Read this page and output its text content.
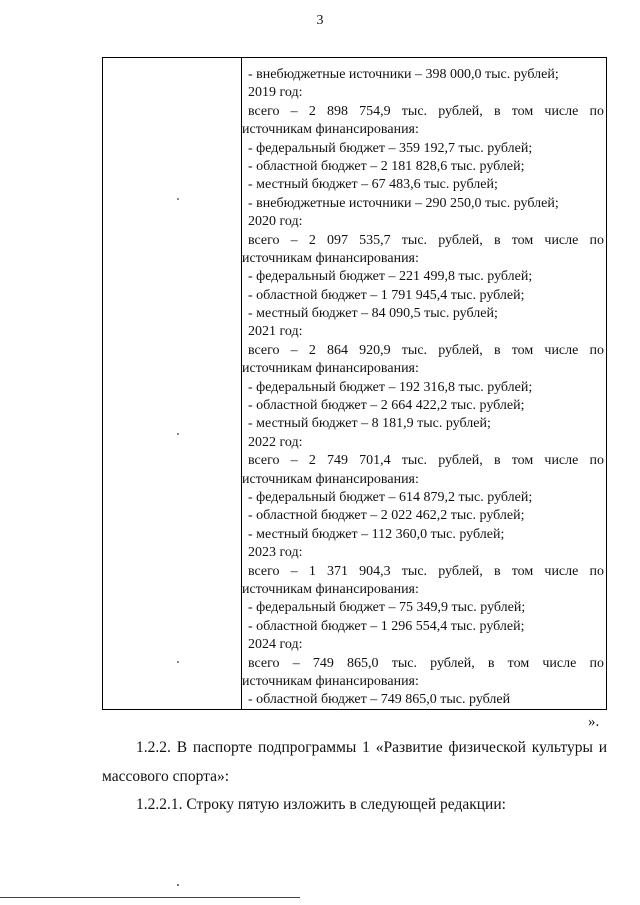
3
- внебюджетные источники – 398 000,0 тыс. рублей;
2019 год:
всего – 2 898 754,9 тыс. рублей, в том числе по
источникам финансирования:
- федеральный бюджет – 359 192,7 тыс. рублей;
- областной бюджет – 2 181 828,6 тыс. рублей;
- местный бюджет – 67 483,6 тыс. рублей;
- внебюджетные источники – 290 250,0 тыс. рублей;
2020 год:
всего – 2 097 535,7 тыс. рублей, в том числе по
источникам финансирования:
- федеральный бюджет – 221 499,8 тыс. рублей;
- областной бюджет – 1 791 945,4 тыс. рублей;
- местный бюджет – 84 090,5 тыс. рублей;
2021 год:
всего – 2 864 920,9 тыс. рублей, в том числе по
источникам финансирования:
- федеральный бюджет – 192 316,8 тыс. рублей;
- областной бюджет – 2 664 422,2 тыс. рублей;
- местный бюджет – 8 181,9 тыс. рублей;
2022 год:
всего – 2 749 701,4 тыс. рублей, в том числе по
источникам финансирования:
- федеральный бюджет – 614 879,2 тыс. рублей;
- областной бюджет – 2 022 462,2 тыс. рублей;
- местный бюджет – 112 360,0 тыс. рублей;
2023 год:
всего – 1 371 904,3 тыс. рублей, в том числе по
источникам финансирования:
- федеральный бюджет – 75 349,9 тыс. рублей;
- областной бюджет – 1 296 554,4 тыс. рублей;
2024 год:
всего – 749 865,0 тыс. рублей, в том числе по
источникам финансирования:
- областной бюджет – 749 865,0 тыс. рублей
».
1.2.2. В паспорте подпрограммы 1 «Развитие физической культуры и
массового спорта»:
1.2.2.1. Строку пятую изложить в следующей редакции:
